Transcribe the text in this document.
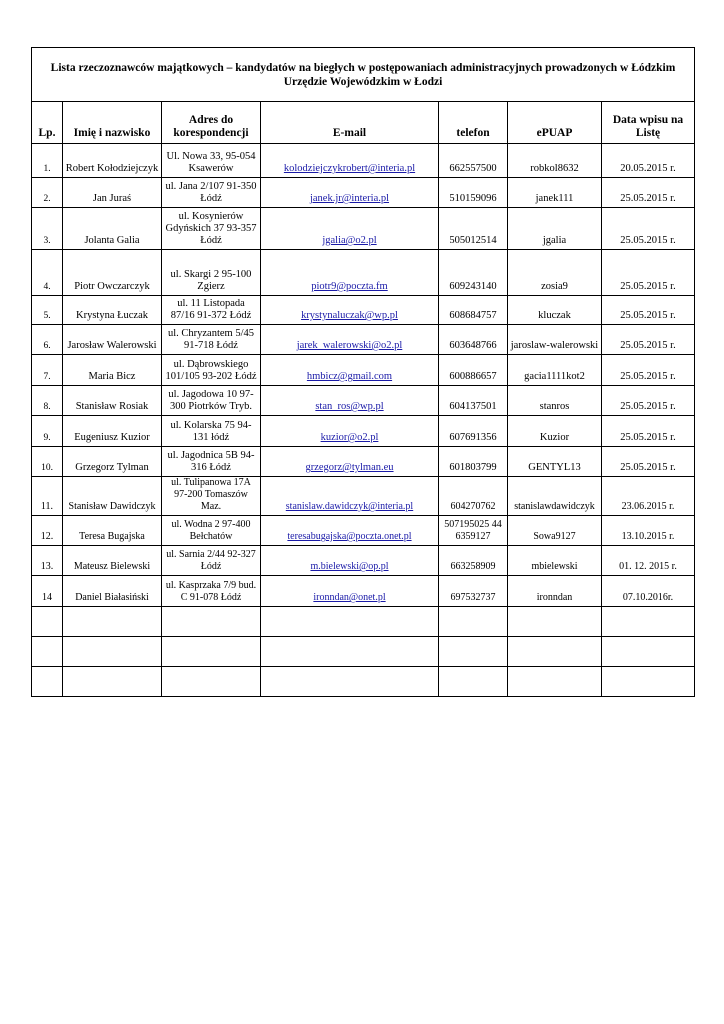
Lista rzeczoznawców majątkowych – kandydatów na biegłych w postępowaniach administracyjnych prowadzonych w Łódzkim Urzędzie Wojewódzkim w Łodzi						
Lp.	Imię i nazwisko	Adres do korespondencji	E-mail	telefon	ePUAP	Data wpisu na Listę
1.	Robert Kołodziejczyk	Ul. Nowa 33, 95-054 Ksawerów	kolodziejczykrobert@interia.pl	662557500	robkol8632	20.05.2015 r.
2.	Jan Juraś	ul. Jana 2/107 91-350 Łódź	janek.jr@interia.pl	510159096	janek111	25.05.2015 r.
3.	Jolanta Galia	ul. Kosynierów Gdyńskich 37 93-357 Łódź	jgalia@o2.pl	505012514	jgalia	25.05.2015 r.
4.	Piotr Owczarczyk	ul. Skargi 2 95-100 Zgierz	piotr9@poczta.fm	609243140	zosia9	25.05.2015 r.
5.	Krystyna Łuczak	ul. 11 Listopada 87/16 91-372 Łódź	krystynaluczak@wp.pl	608684757	kluczak	25.05.2015 r.
6.	Jarosław Walerowski	ul. Chryzantem 5/45 91-718 Łódź	jarek_walerowski@o2.pl	603648766	jaroslaw-walerowski	25.05.2015 r.
7.	Maria Bicz	ul. Dąbrowskiego 101/105 93-202 Łódź	hmbicz@gmail.com	600886657	gacia1111kot2	25.05.2015 r.
8.	Stanisław Rosiak	ul. Jagodowa 10 97-300 Piotrków Tryb.	stan_ros@wp.pl	604137501	stanros	25.05.2015 r.
9.	Eugeniusz Kuzior	ul. Kolarska 75 94-131 łódź	kuzior@o2.pl	607691356	Kuzior	25.05.2015 r.
10.	Grzegorz Tylman	ul. Jagodnica 5B 94-316 Łódź	grzegorz@tylman.eu	601803799	GENTYL13	25.05.2015 r.
11.	Stanisław Dawidczyk	ul. Tulipanowa 17A 97-200 Tomaszów Maz.	stanislaw.dawidczyk@interia.pl	604270762	stanislawdawidczyk	23.06.2015 r.
12.	Teresa Bugajska	ul. Wodna 2 97-400 Bełchatów	teresabugajska@poczta.onet.pl	507195025 44 6359127	Sowa9127	13.10.2015 r.
13.	Mateusz Bielewski	ul. Sarnia 2/44 92-327 Łódź	m.bielewski@op.pl	663258909	mbielewski	01. 12. 2015 r.
14	Daniel Białasiński	ul. Kasprzaka 7/9 bud. C 91-078 Łódź	ironndan@onet.pl	697532737	ironndan	07.10.2016r.
